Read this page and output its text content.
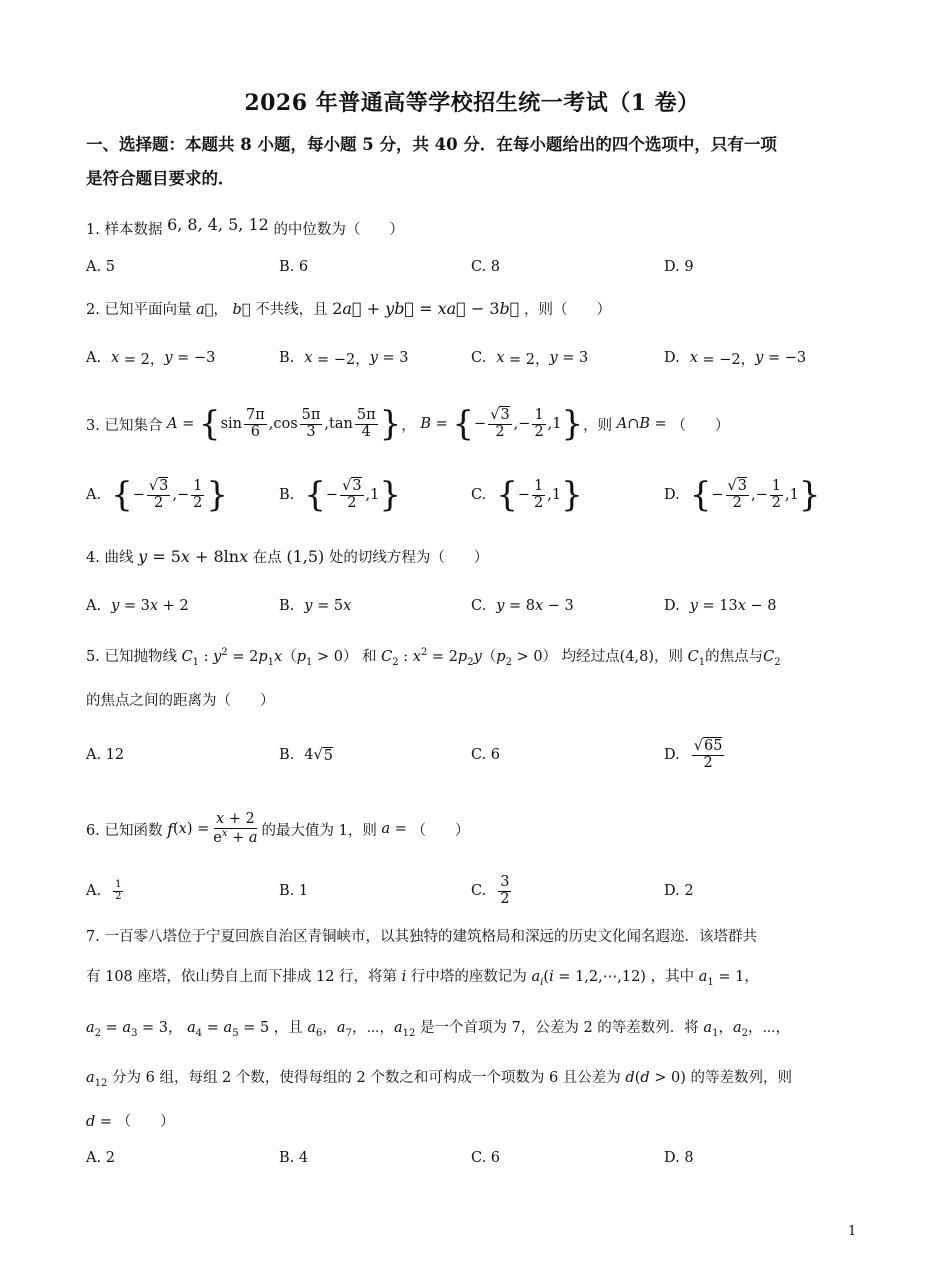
2026 年普通高等学校招生统一考试（1 卷）
一、选择题：本题共 8 小题，每小题 5 分，共 40 分．在每小题给出的四个选项中，只有一项
是符合题目要求的．
1. 样本数据 6, 8, 4, 5, 12 的中位数为（　　）
A. 5	B. 6	C. 8	D. 9
2. 已知平面向量 a⃗， b⃗ 不共线，且 2a⃗ + yb⃗ = xa⃗ − 3b⃗ ，则（　　）
A. x = 2， y = −3	B. x = −2， y = 3	C. x = 2， y = 3	D. x = −2， y = −3
3. 已知集合 A = { $\sin \frac{7\pi}{6} ,\cos \frac{5\pi}{3} ,\tan \frac{5\pi}{4}$ } ， B = { − $\frac{√3}{2}$ ,− $\frac{1}{2} ,1$ } ，则 A ∩ B = （　　）
A. { − $\frac{√3}{2}$ ,− $\frac{1}{2}$ }	B. { − $\frac{√3}{2} ,1$ }	C. { − $\frac{1}{2} ,1$ }	D. { − $\frac{√3}{2}$ ,− $\frac{1}{2} ,1$ }
4. 曲线 y = 5x + 8lnx 在点 (1,5) 处的切线方程为（　　）
A. y = 3 x + 2	B. y = 5 x	C. y = 8 x − 3	D. y = 13 x − 8
5. 已知抛物线 $C_1$ : $y^2 = 2p_1x(p_1 > 0)$ 和 $C_2$ : $x^2 = 2p_2y(p_2 > 0)$ 均经过点(4,8)，则 $C_1$的焦点与$C_2$
的焦点之间的距离为（　　）
A. 12	B. 4√ 5	C. 6	D. $\frac{√65}{2}$
6. 已知函数
f ( x ) = $\frac{x + 2}{e^x + a}$ 的最大值为 1，则 a = （　　）
A. $\frac{1}{2}$	B. 1	C. $\frac{3}{2}$	D. 2
7. 一百零八塔位于宁夏回族自治区青铜峡市，以其独特的建筑格局和深远的历史文化闻名遐迩．该塔群共
有 108 座塔，依山势自上而下排成 12 行，将第 i 行中塔的座数记为 $a_i(i$ = 1,2,⋯,12) ，其中 $a_1 = 1$，
$a_2 = a_3 = 3$， $a_4 = a_5 = 5$ ，且 $a_6$，$a_7$，⋯，$a_{12}$ 是一个首项为 7，公差为 2 的等差数列．将 $a_1$，$a_2$，⋯，
$a_{12}$ 分为 6 组，每组 2 个数，使得每组的 2 个数之和可构成一个项数为 6 且公差为 d(d > 0) 的等差数列，则
d = （　　）
A. 2	B. 4	C. 6	D. 8
1
